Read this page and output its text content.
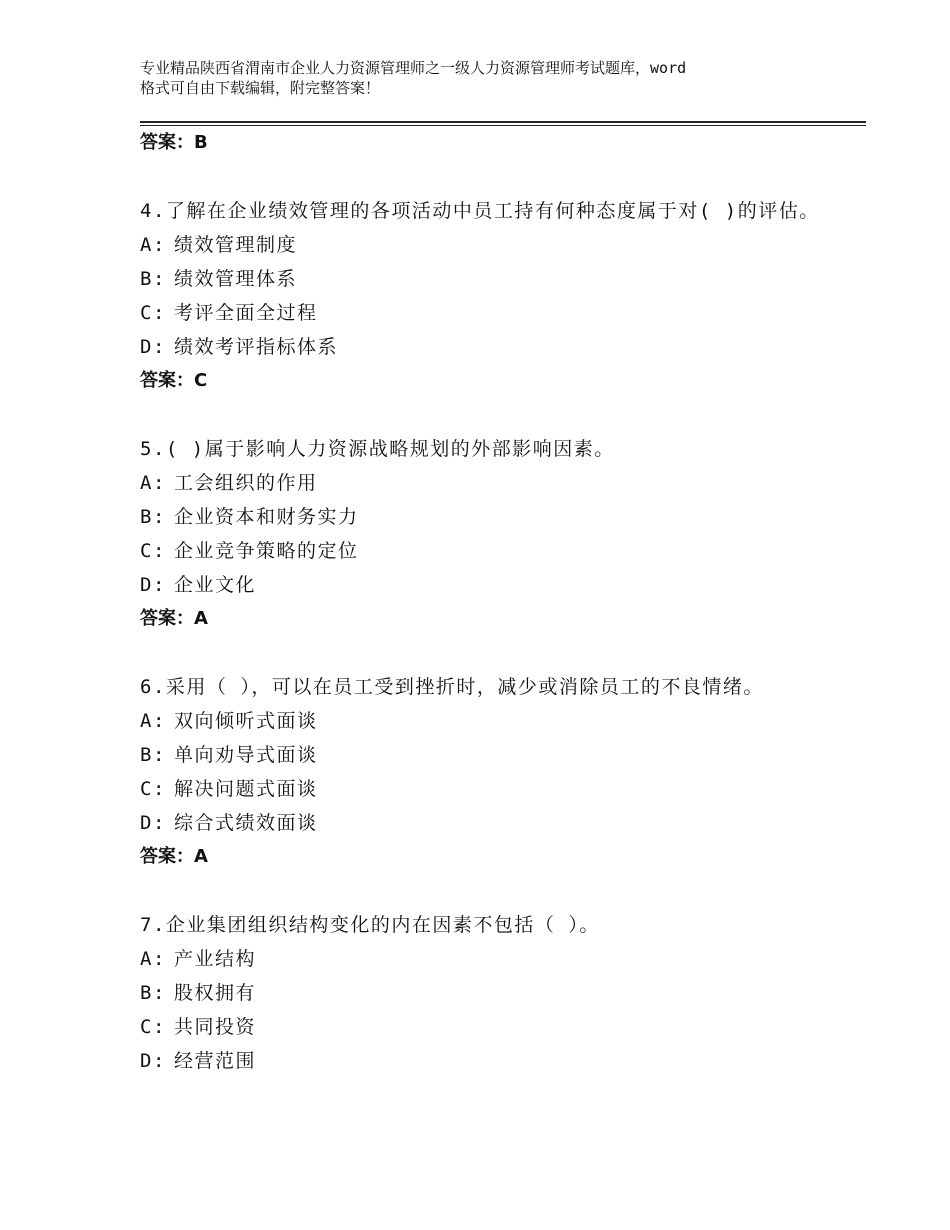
专业精品陕西省渭南市企业人力资源管理师之一级人力资源管理师考试题库，word
格式可自由下载编辑，附完整答案！
答案：B
4.了解在企业绩效管理的各项活动中员工持有何种态度属于对( )的评估。
A: 绩效管理制度
B: 绩效管理体系
C: 考评全面全过程
D: 绩效考评指标体系
答案：C
5.( )属于影响人力资源战略规划的外部影响因素。
A: 工会组织的作用
B: 企业资本和财务实力
C: 企业竞争策略的定位
D: 企业文化
答案：A
6.采用（ ），可以在员工受到挫折时，减少或消除员工的不良情绪。
A: 双向倾听式面谈
B: 单向劝导式面谈
C: 解决问题式面谈
D: 综合式绩效面谈
答案：A
7.企业集团组织结构变化的内在因素不包括（ ）。
A: 产业结构
B: 股权拥有
C: 共同投资
D: 经营范围
